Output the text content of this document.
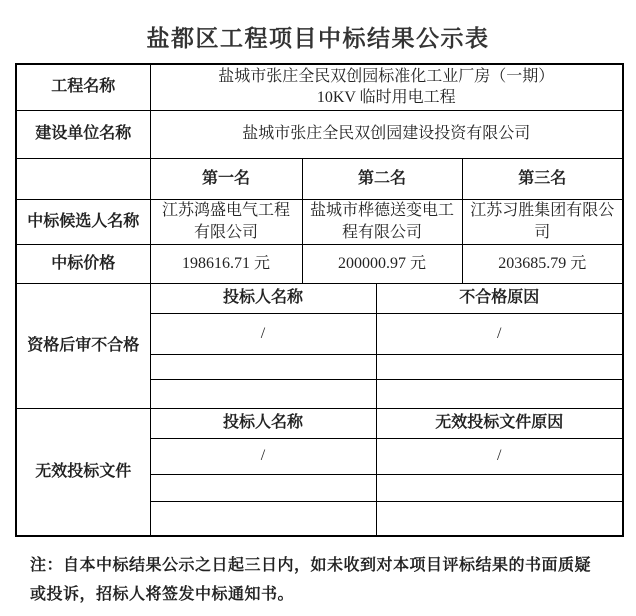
盐都区工程项目中标结果公示表
工程名称	盐城市张庄全民双创园标准化工业厂房（一期）
10KV 临时用电工程			

建设单位名称	盐城市张庄全民双创园建设投资有限公司			
	第一名	第二名		第三名
中标候选人名称	江苏鸿盛电气工程有限公司	盐城市桦德送变电工程有限公司		江苏习胜集团有限公司
中标价格	198616.71 元	200000.97 元		203685.79 元
资格后审不合格	投标人名称		不合格原因	
	/		/	

无效投标文件	投标人名称		无效投标文件原因	
	/		/	

注：自本中标结果公示之日起三日内，如未收到对本项目评标结果的书面质疑
或投诉，招标人将签发中标通知书。
